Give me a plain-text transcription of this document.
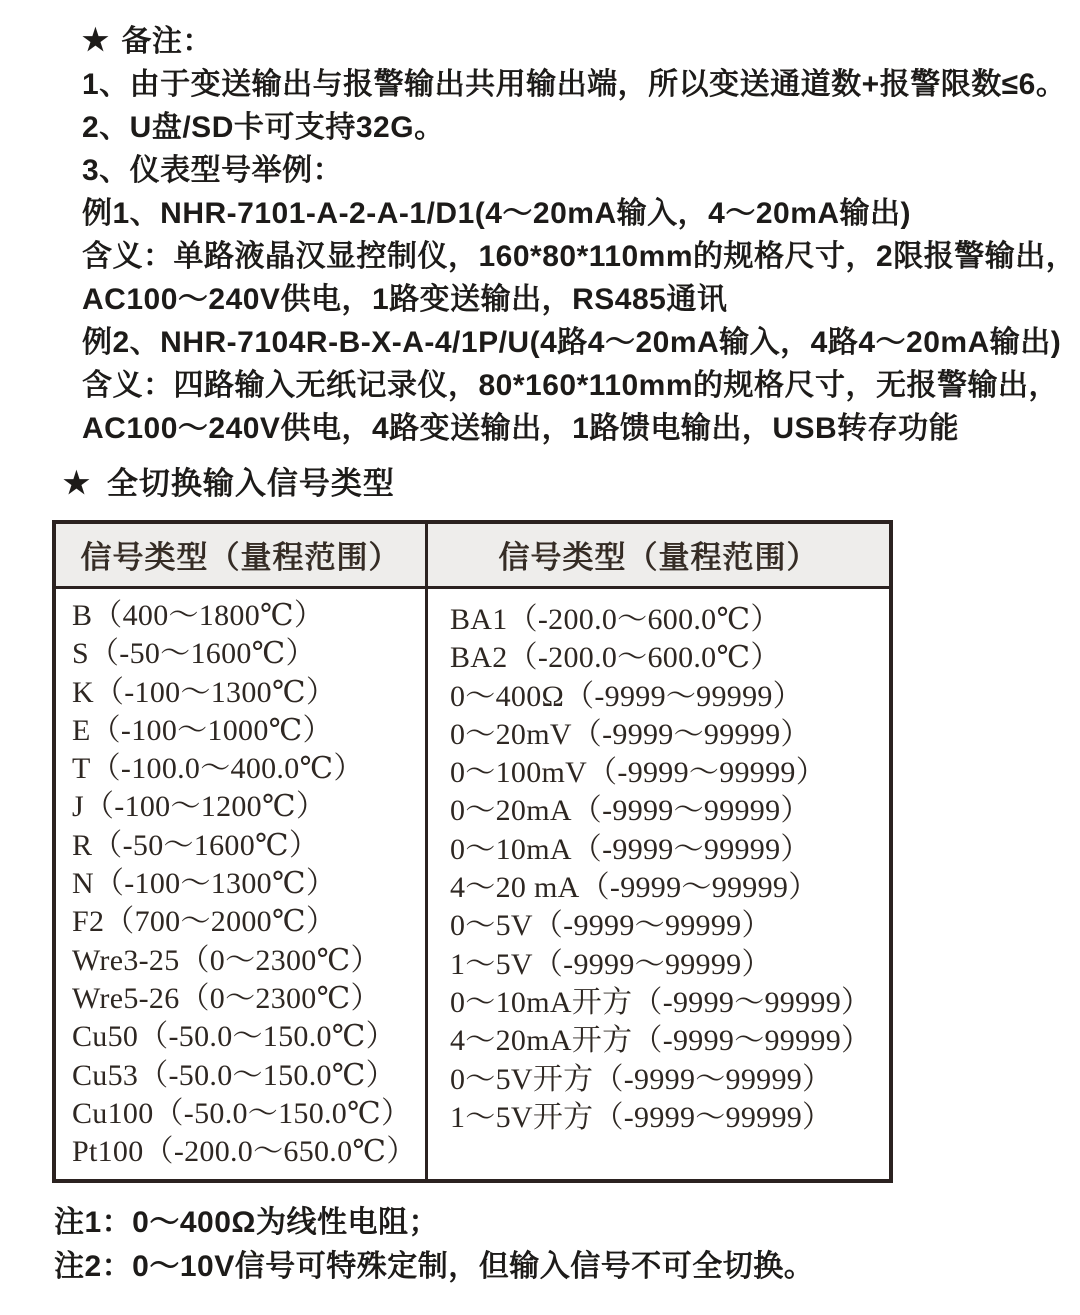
★ 备注：
1、由于变送输出与报警输出共用输出端，所以变送通道数+报警限数≤6。
2、U盘/SD卡可支持32G。
3、仪表型号举例：
例1、NHR-7101-A-2-A-1/D1(4～20mA输入，4～20mA输出)
含义：单路液晶汉显控制仪，160*80*110mm的规格尺寸，2限报警输出，
AC100～240V供电，1路变送输出，RS485通讯
例2、NHR-7104R-B-X-A-4/1P/U(4路4～20mA输入，4路4～20mA输出)
含义：四路输入无纸记录仪，80*160*110mm的规格尺寸，无报警输出，
AC100～240V供电，4路变送输出，1路馈电输出，USB转存功能
★ 全切换输入信号类型
信号类型（量程范围）	信号类型（量程范围）
B（400～1800℃）
S（-50～1600℃）
K（-100～1300℃）
E（-100～1000℃）
T（-100.0～400.0℃）
J（-100～1200℃）
R（-50～1600℃）
N（-100～1300℃）
F2（700～2000℃）
Wre3-25（0～2300℃）
Wre5-26（0～2300℃）
Cu50（-50.0～150.0℃）
Cu53（-50.0～150.0℃）
Cu100（-50.0～150.0℃）
Pt100（-200.0～650.0℃）
BA1（-200.0～600.0℃）
BA2（-200.0～600.0℃）
0～400Ω（-9999～99999）
0～20mV（-9999～99999）
0～100mV（-9999～99999）
0～20mA（-9999～99999）
0～10mA（-9999～99999）
4～20 mA（-9999～99999）
0～5V（-9999～99999）
1～5V（-9999～99999）
0～10mA开方（-9999～99999）
4～20mA开方（-9999～99999）
0～5V开方（-9999～99999）
1～5V开方（-9999～99999）
注1：0～400Ω为线性电阻；
注2：0～10V信号可特殊定制，但输入信号不可全切换。
